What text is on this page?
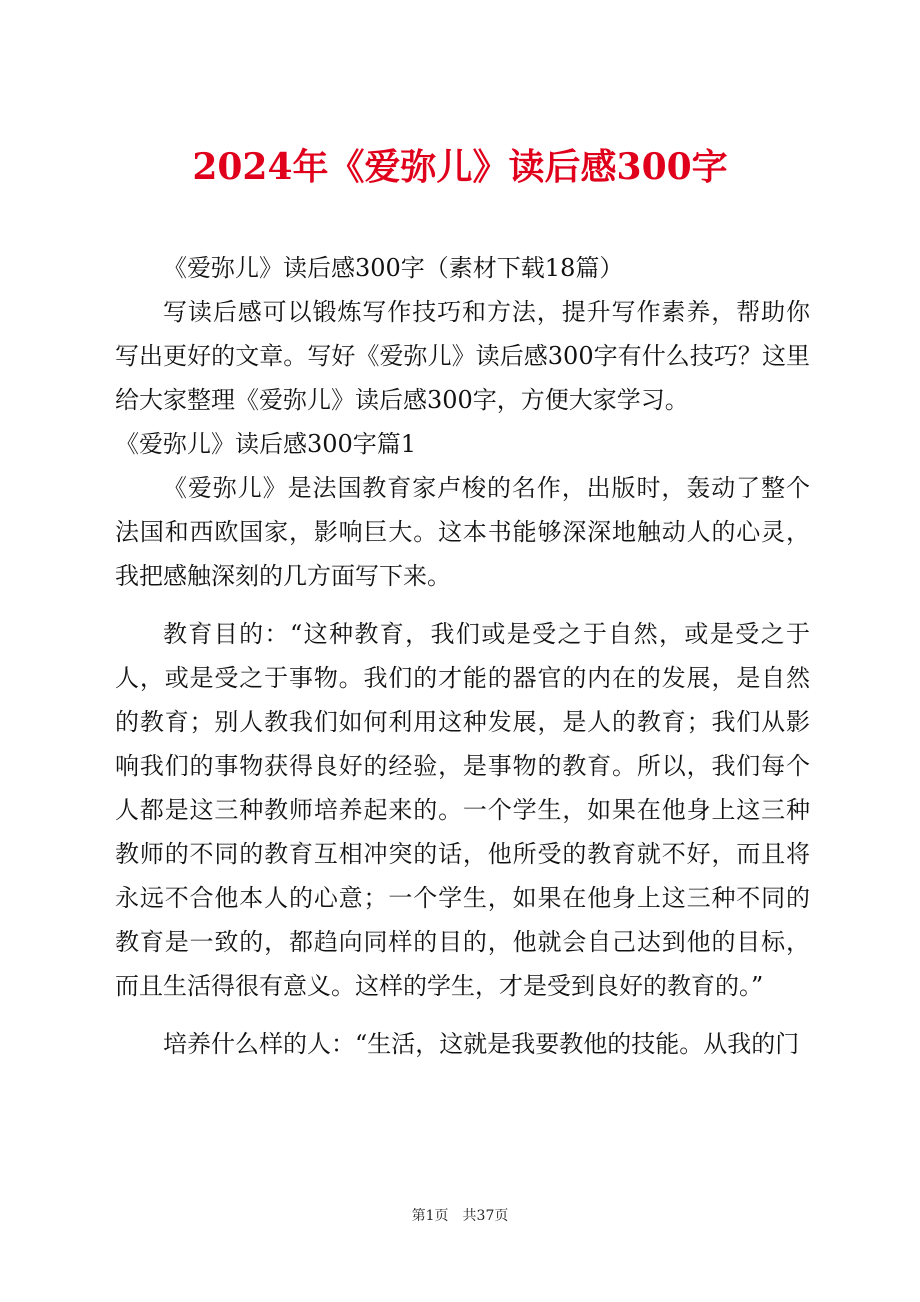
2024年《爱弥儿》读后感300字

《爱弥儿》读后感300字（素材下载18篇）

写读后感可以锻炼写作技巧和方法，提升写作素养，帮助你写出更好的文章。写好《爱弥儿》读后感300字有什么技巧？这里给大家整理《爱弥儿》读后感300字，方便大家学习。

《爱弥儿》读后感300字篇1

《爱弥儿》是法国教育家卢梭的名作，出版时，轰动了整个法国和西欧国家，影响巨大。这本书能够深深地触动人的心灵，我把感触深刻的几方面写下来。

教育目的：“这种教育，我们或是受之于自然，或是受之于人，或是受之于事物。我们的才能的器官的内在的发展，是自然的教育；别人教我们如何利用这种发展，是人的教育；我们从影响我们的事物获得良好的经验，是事物的教育。所以，我们每个人都是这三种教师培养起来的。一个学生，如果在他身上这三种教师的不同的教育互相冲突的话，他所受的教育就不好，而且将永远不合他本人的心意；一个学生，如果在他身上这三种不同的教育是一致的，都趋向同样的目的，他就会自己达到他的目标，而且生活得很有意义。这样的学生，才是受到良好的教育的。”

培养什么样的人：“生活，这就是我要教他的技能。从我的门

第1页 共37页
